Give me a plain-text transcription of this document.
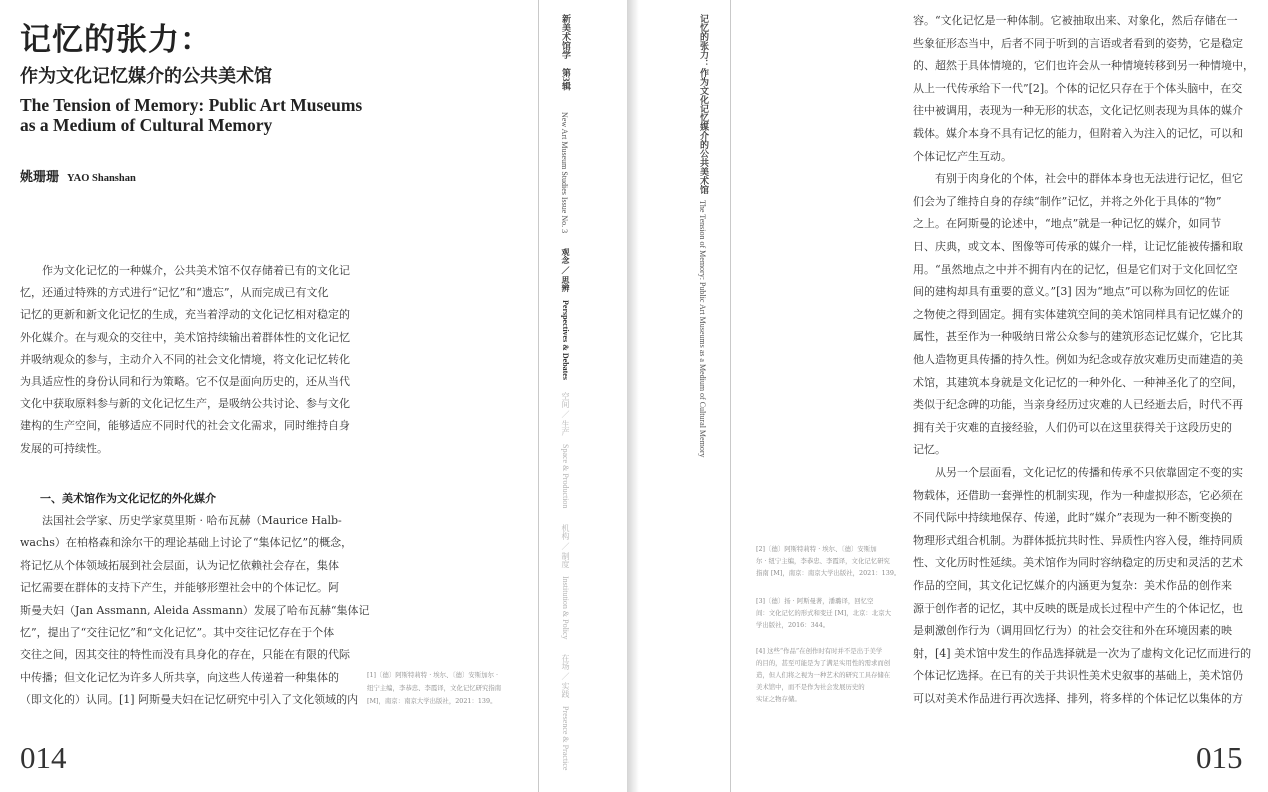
记忆的张力：
作为文化记忆媒介的公共美术馆
The Tension of Memory: Public Art Museums as a Medium of Cultural Memory
姚珊珊 YAO Shanshan
　　作为文化记忆的一种媒介，公共美术馆不仅存储着已有的文化记
忆，还通过特殊的方式进行“记忆”和“遗忘”，从而完成已有文化
记忆的更新和新文化记忆的生成，充当着浮动的文化记忆相对稳定的
外化媒介。在与观众的交往中，美术馆持续输出着群体性的文化记忆
并吸纳观众的参与，主动介入不同的社会文化情境，将文化记忆转化
为具适应性的身份认同和行为策略。它不仅是面向历史的，还从当代
文化中获取原料参与新的文化记忆生产，是吸纳公共讨论、参与文化
建构的生产空间，能够适应不同时代的社会文化需求，同时维持自身
发展的可持续性。
一、美术馆作为文化记忆的外化媒介
　　法国社会学家、历史学家莫里斯 · 哈布瓦赫（Maurice Halb-
wachs）在柏格森和涂尔干的理论基础上讨论了“集体记忆”的概念，
将记忆从个体领域拓展到社会层面，认为记忆依赖社会存在，集体
记忆需要在群体的支持下产生，并能够形塑社会中的个体记忆。阿
斯曼夫妇（Jan Assmann, Aleida Assmann）发展了哈布瓦赫“集体记
忆”，提出了“交往记忆”和“文化记忆”。其中交往记忆存在于个体
交往之间，因其交往的特性而没有具身化的存在，只能在有限的代际
中传播；但文化记忆为许多人所共享，向这些人传递着一种集体的
（即文化的）认同。[1] 阿斯曼夫妇在记忆研究中引入了文化领域的内
[1]〔德〕阿斯特莉特 · 埃尔、〔德〕安斯加尔 ·
纽宁主编，李恭忠、李霞译，文化记忆研究指南
[M]，南京：南京大学出版社，2021：139。
014
新美术馆学　第3辑
New Art Museum Studies Issue No. 3
观念 ／ 思辨　Perspectives & Debates
空间 ／ 生产　Space & Production
机构 ／ 制度　Institution & Policy
在场 ／ 实践　Presence & Practice
记忆的张力：作为文化记忆媒介的公共美术馆
The Tension of Memory: Public Art Museums as a Medium of Cultural Memory
[2]〔德〕阿斯特莉特 · 埃尔、〔德〕安斯加
尔 · 纽宁主编，李恭忠、李霞译，文化记忆研究
指南 [M]，南京：南京大学出版社，2021：139。
[3]〔德〕扬 · 阿斯曼著，潘璐译，回忆空
间：文化记忆的形式和变迁 [M]，北京：北京大
学出版社，2016：344。
[4] 这些“作品”在创作时有时并不是出于美学
的目的，甚至可能是为了满足实用性的需求而创
造，但人们将之视为一种艺术的研究工具存储在
美术馆中，而不是作为社会发展历史的
实证之物存储。
容。“文化记忆是一种体制。它被抽取出来、对象化，然后存储在一
些象征形态当中，后者不同于听到的言语或者看到的姿势，它是稳定
的、超然于具体情境的，它们也许会从一种情境转移到另一种情境中，
从上一代传承给下一代”[2]。个体的记忆只存在于个体头脑中，在交
往中被调用，表现为一种无形的状态，文化记忆则表现为具体的媒介
载体。媒介本身不具有记忆的能力，但附着入为注入的记忆，可以和
个体记忆产生互动。
　　有别于肉身化的个体，社会中的群体本身也无法进行记忆，但它
们会为了维持自身的存续“制作”记忆，并将之外化于具体的“物”
之上。在阿斯曼的论述中，“地点”就是一种记忆的媒介，如同节
日、庆典，或文本、图像等可传承的媒介一样，让记忆能被传播和取
用。“虽然地点之中并不拥有内在的记忆，但是它们对于文化回忆空
间的建构却具有重要的意义。”[3] 因为“地点”可以称为回忆的佐证
之物使之得到固定。拥有实体建筑空间的美术馆同样具有记忆媒介的
属性，甚至作为一种吸纳日常公众参与的建筑形态记忆媒介，它比其
他人造物更具传播的持久性。例如为纪念或存放灾难历史而建造的美
术馆，其建筑本身就是文化记忆的一种外化、一种神圣化了的空间，
类似于纪念碑的功能，当亲身经历过灾难的人已经逝去后，时代不再
拥有关于灾难的直接经验，人们仍可以在这里获得关于这段历史的
记忆。
　　从另一个层面看，文化记忆的传播和传承不只依靠固定不变的实
物载体，还借助一套弹性的机制实现，作为一种虚拟形态，它必须在
不同代际中持续地保存、传递，此时“媒介”表现为一种不断变换的
物理形式组合机制。为群体抵抗共时性、异质性内容入侵，维持同质
性、文化历时性延续。美术馆作为同时容纳稳定的历史和灵活的艺术
作品的空间，其文化记忆媒介的内涵更为复杂：美术作品的创作来
源于创作者的记忆，其中反映的既是成长过程中产生的个体记忆，也
是刺激创作行为（调用回忆行为）的社会交往和外在环境因素的映
射，[4] 美术馆中发生的作品选择就是一次为了虚构文化记忆而进行的
个体记忆选择。在已有的关于共识性美术史叙事的基础上，美术馆仍
可以对美术作品进行再次选择、排列，将多样的个体记忆以集体的方
015
